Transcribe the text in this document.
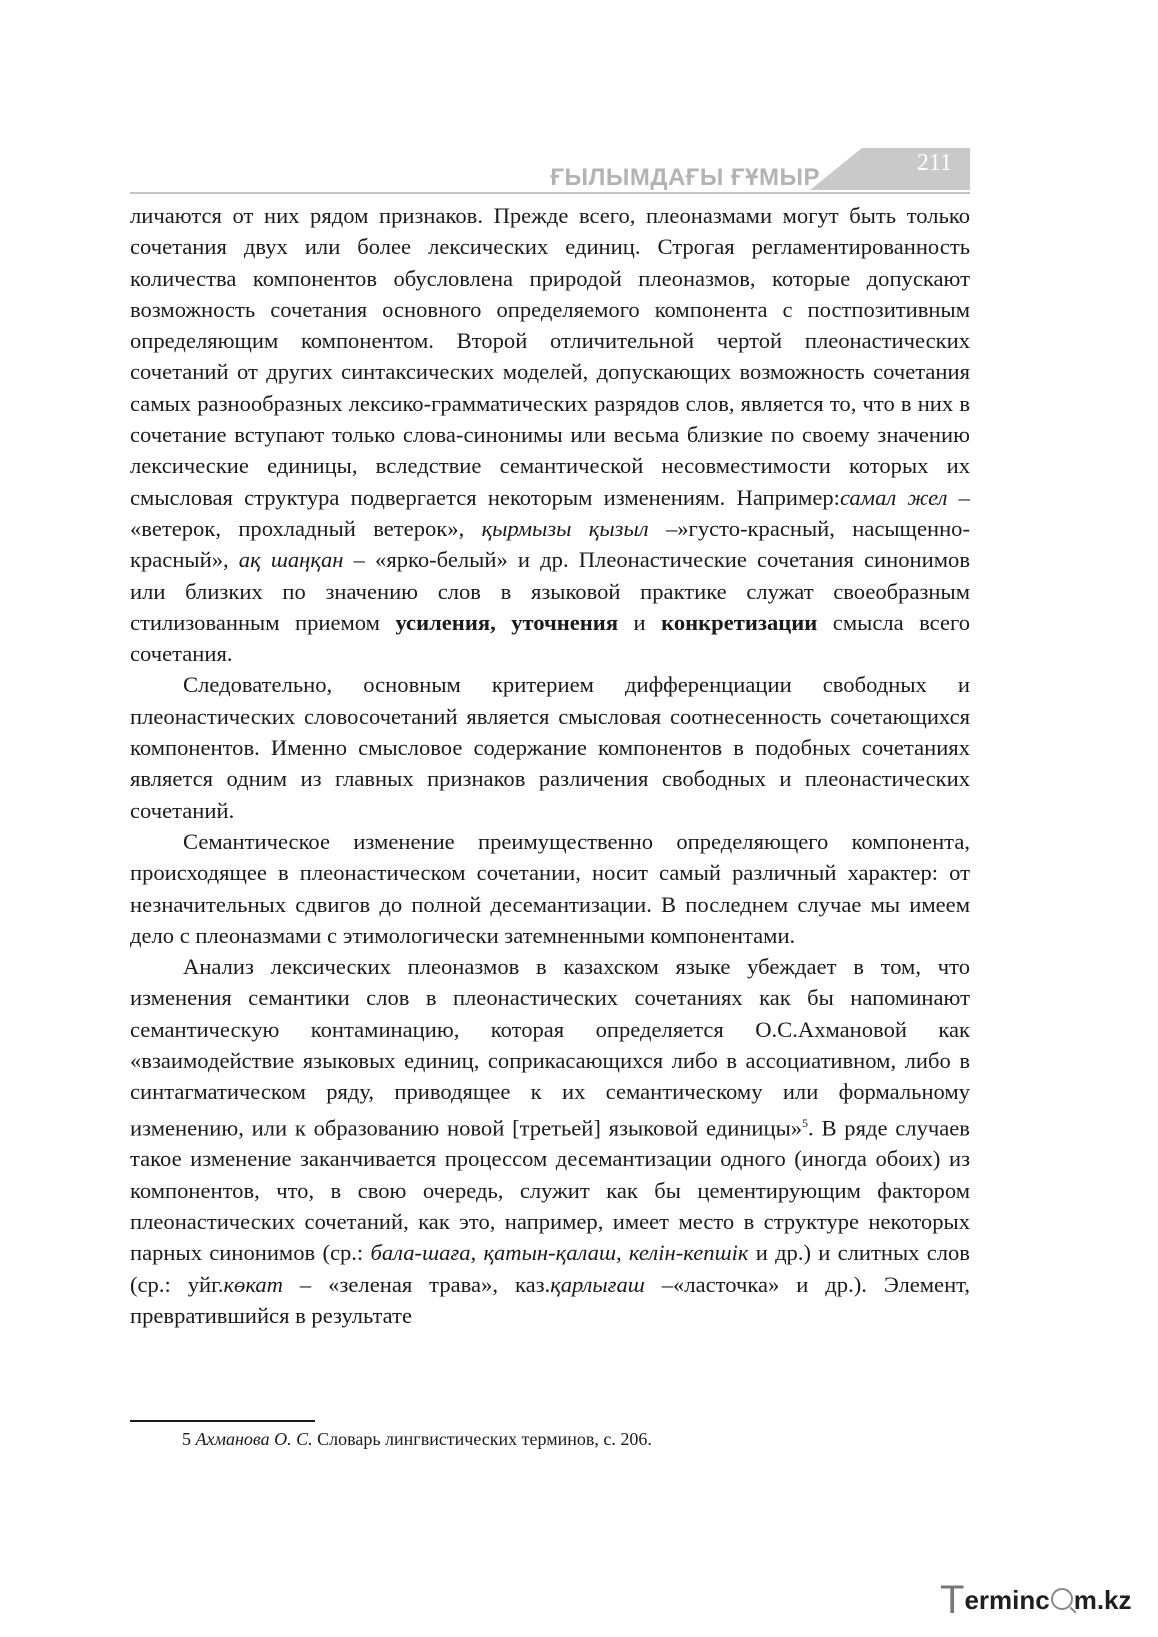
ҒЫЛЫМДАҒЫ ҒҰМЫР
211

личаются от них рядом признаков. Прежде всего, плеоназмами могут быть только сочетания двух или более лексических единиц. Строгая регламентированность количества компонентов обусловлена природой плеоназмов, которые допускают возможность сочетания основного определяемого компонента с постпозитивным определяющим компонентом. Второй отличительной чертой плеонастических сочетаний от других синтаксических моделей, допускающих возможность сочетания самых разнообразных лексико-грамматических разрядов слов, является то, что в них в сочетание вступают только слова-синонимы или весьма близкие по своему значению лексические единицы, вследствие семантической несовместимости которых их смысловая структура подвергается некоторым изменениям. Например:самал жел – «ветерок, прохладный ветерок», қырмызы қызыл –»густо-красный, насыщенно-красный», ақ шаңқан – «ярко-белый» и др. Плеонастические сочетания синонимов или близких по значению слов в языковой практике служат своеобразным стилизованным приемом усиления, уточнения и конкретизации смысла всего сочетания.

Следовательно, основным критерием дифференциации свободных и плеонастических словосочетаний является смысловая соотнесенность сочетающихся компонентов. Именно смысловое содержание компонентов в подобных сочетаниях является одним из главных признаков различения свободных и плеонастических сочетаний.

Семантическое изменение преимущественно определяющего компонента, происходящее в плеонастическом сочетании, носит самый различный характер: от незначительных сдвигов до полной десемантизации. В последнем случае мы имеем дело с плеоназмами с этимологически затемненными компонентами.

Анализ лексических плеоназмов в казахском языке убеждает в том, что изменения семантики слов в плеонастических сочетаниях как бы напоминают семантическую контаминацию, которая определяется О.С.Ахмановой как «взаимодействие языковых единиц, соприкасающихся либо в ассоциативном, либо в синтагматическом ряду, приводящее к их семантическому или формальному изменению, или к образованию новой [третьей] языковой единицы»$^5$. В ряде случаев такое изменение заканчивается процессом десемантизации одного (иногда обоих) из компонентов, что, в свою очередь, служит как бы цементирующим фактором плеонастических сочетаний, как это, например, имеет место в структуре некоторых парных синонимов (ср.: бала-шаға, қатын-қалаш, келін-кепшік и др.) и слитных слов (ср.: уйг.көкат – «зеленая трава», каз.қарлығаш –«ласточка» и др.). Элемент, превратившийся в результате

5 Ахманова О. С. Словарь лингвистических терминов, с. 206.
Terminc m.kz
